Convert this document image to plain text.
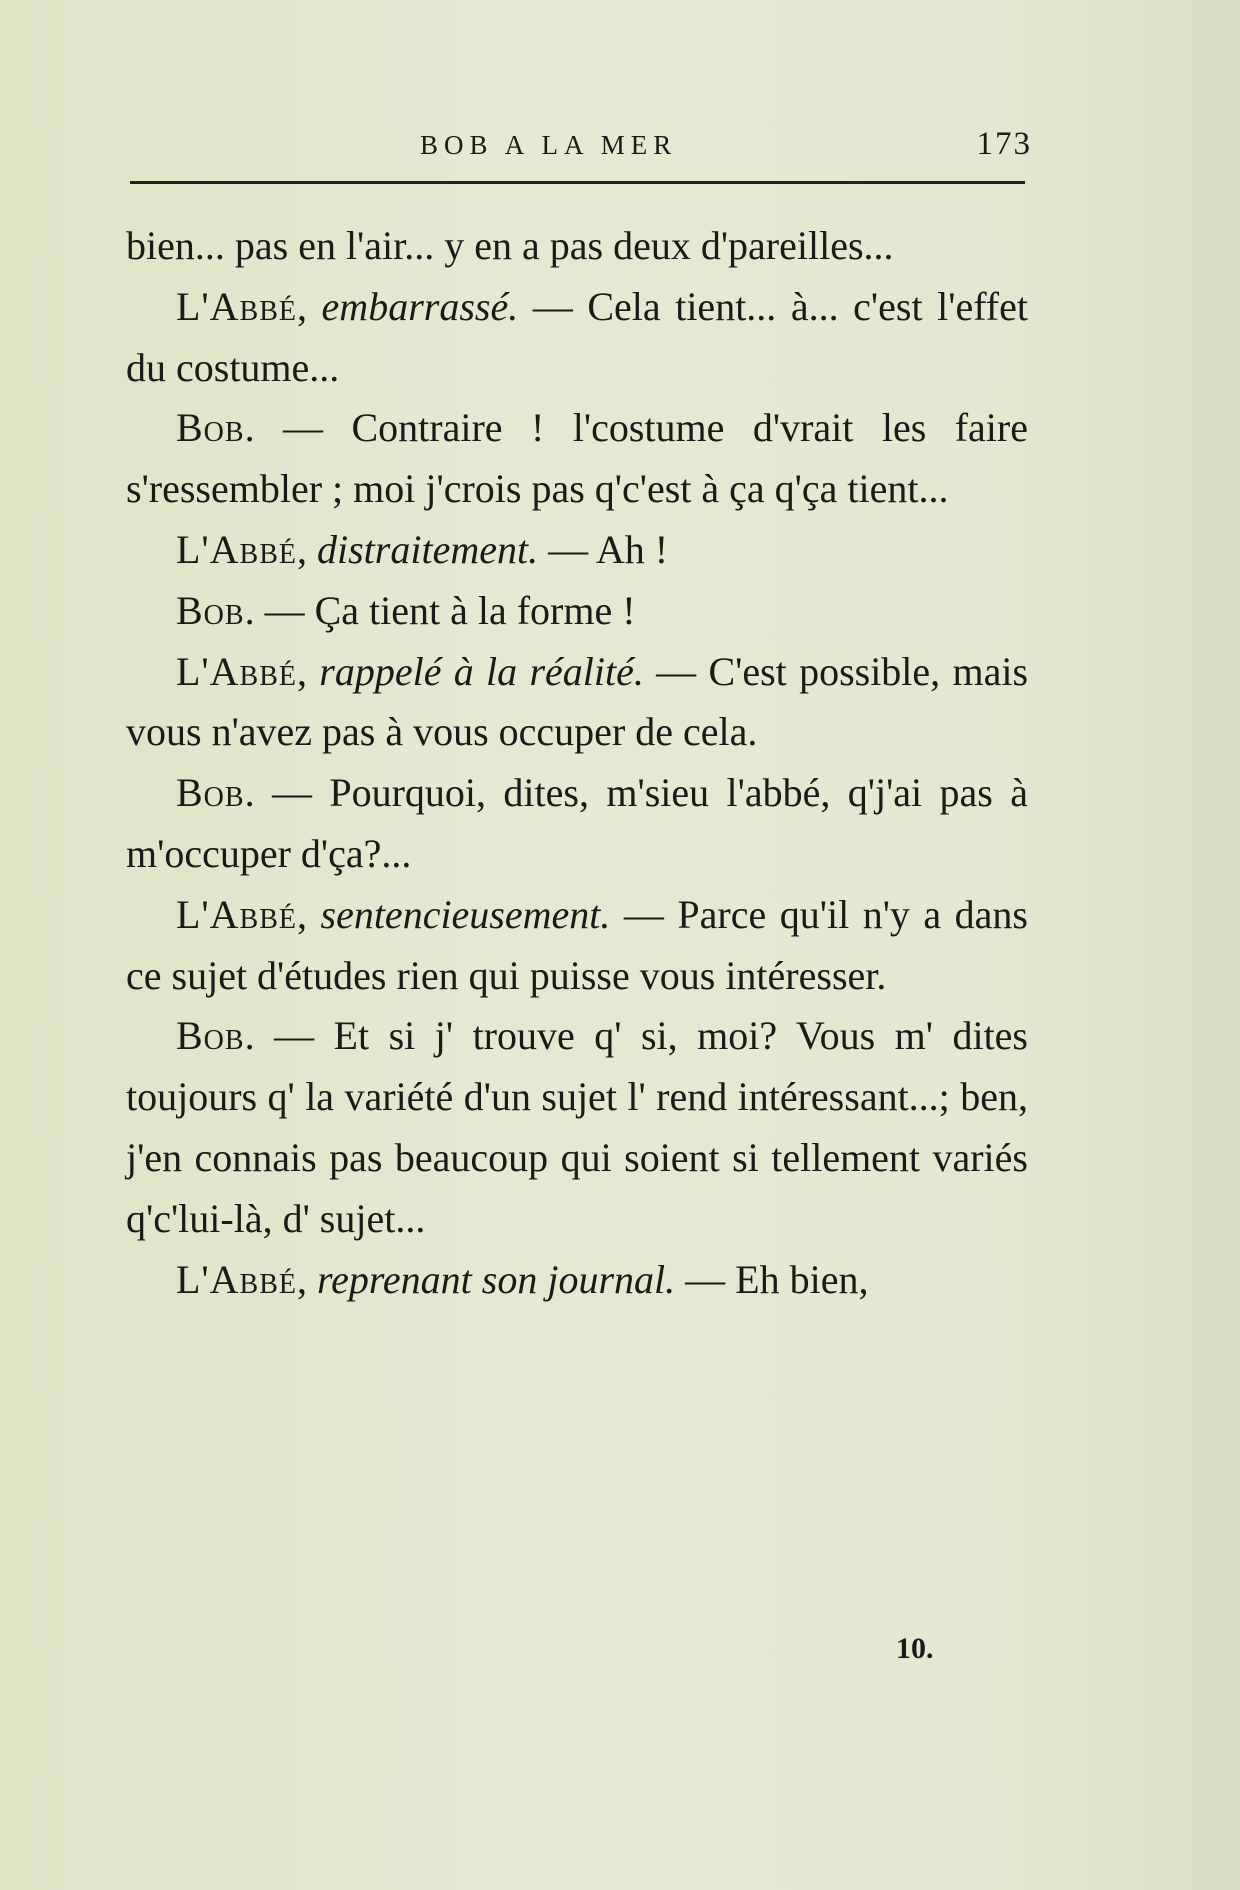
BOB A LA MER	173

bien... pas en l'air... y en a pas deux d'pareilles...

L'Abbé, embarrassé. — Cela tient... à... c'est l'effet du costume...

Bob. — Contraire ! l'costume d'vrait les faire s'ressembler ; moi j'crois pas q'c'est à ça q'ça tient...

L'Abbé, distraitement. — Ah !

Bob. — Ça tient à la forme !

L'Abbé, rappelé à la réalité. — C'est possible, mais vous n'avez pas à vous occuper de cela.

Bob. — Pourquoi, dites, m'sieu l'abbé, q'j'ai pas à m'occuper d'ça?...

L'Abbé, sentencieusement. — Parce qu'il n'y a dans ce sujet d'études rien qui puisse vous intéresser.

Bob. — Et si j' trouve q' si, moi? Vous m' dites toujours q' la variété d'un sujet l' rend intéressant...; ben, j'en connais pas beaucoup qui soient si tellement variés q'c'lui-là, d' sujet...

L'Abbé, reprenant son journal. — Eh bien,

10.
